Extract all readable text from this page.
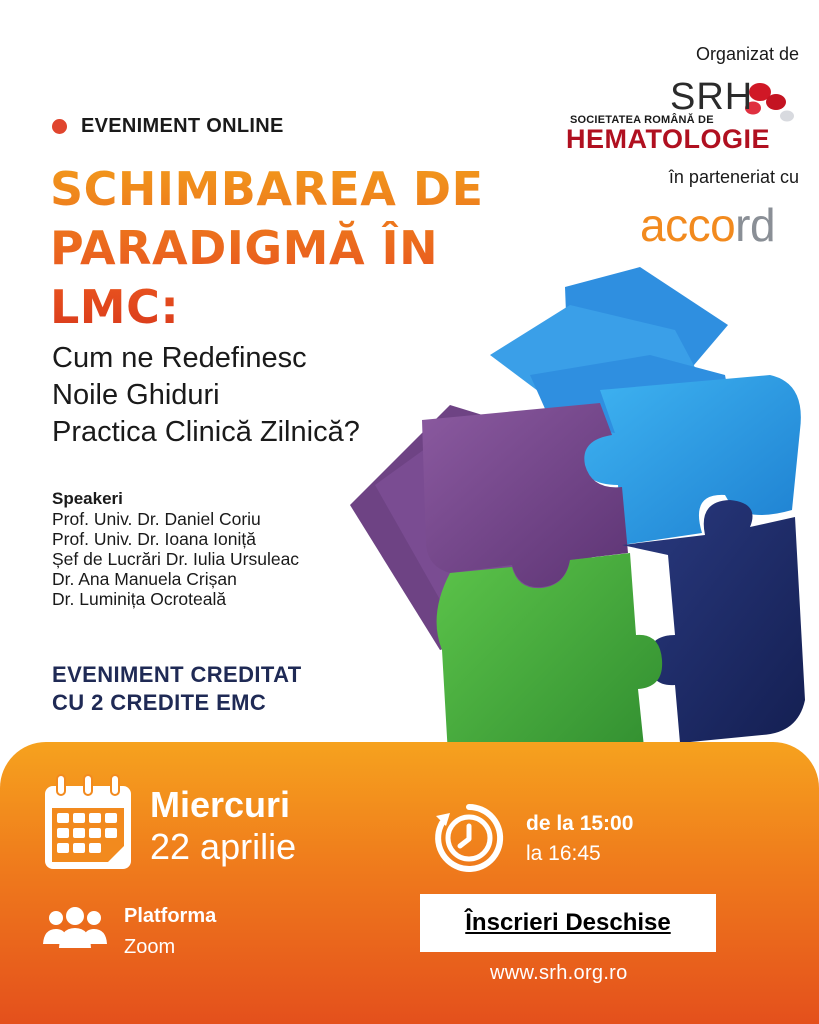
EVENIMENT ONLINE
SCHIMBAREA DE
PARADIGMĂ ÎN
LMC:
Cum ne Redefinesc
Noile Ghiduri
Practica Clinică Zilnică?
Speakeri
Prof. Univ. Dr. Daniel Coriu
Prof. Univ. Dr. Ioana Ioniță
Șef de Lucrări Dr. Iulia Ursuleac
Dr. Ana Manuela Crișan
Dr. Luminița Ocroteală
EVENIMENT CREDITAT
CU 2 CREDITE EMC
Organizat de
SRH
SOCIETATEA ROMÂNĂ DE
HEMATOLOGIE
în parteneriat cu
accord
Miercuri
22 aprilie
de la 15:00
la 16:45
Platforma
Zoom
Înscrieri Deschise
www.srh.org.ro
